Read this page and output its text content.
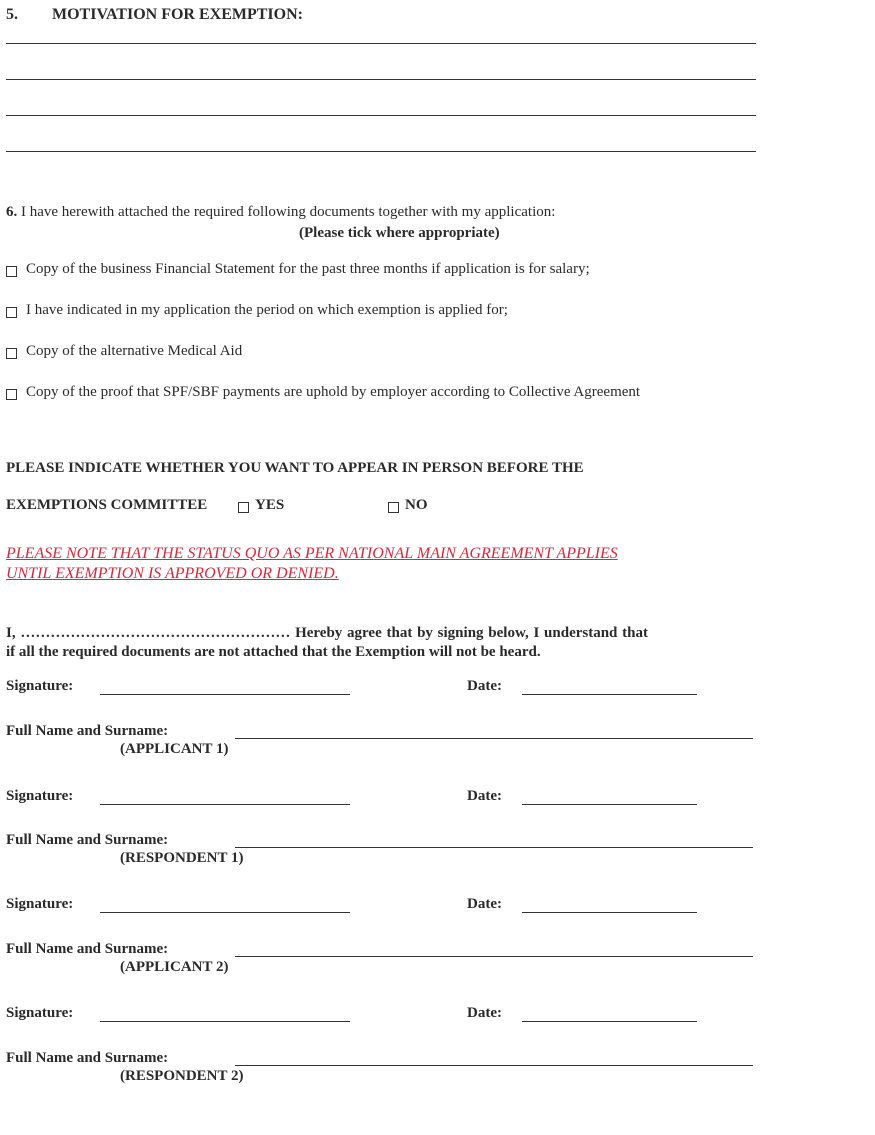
5. MOTIVATION FOR EXEMPTION:
6. I have herewith attached the required following documents together with my application:
(Please tick where appropriate)
Copy of the business Financial Statement for the past three months if application is for salary;
I have indicated in my application the period on which exemption is applied for;
Copy of the alternative Medical Aid
Copy of the proof that SPF/SBF payments are uphold by employer according to Collective Agreement
PLEASE INDICATE WHETHER YOU WANT TO APPEAR IN PERSON BEFORE THE
EXEMPTIONS COMMITTEE	YES	NO
PLEASE NOTE THAT THE STATUS QUO AS PER NATIONAL MAIN AGREEMENT APPLIES
UNTIL EXEMPTION IS APPROVED OR DENIED.
I, ……………………………………………… Hereby agree that by signing below, I understand that
if all the required documents are not attached that the Exemption will not be heard.
Signature:	Date:
Full Name and Surname:
(APPLICANT 1)
Signature:	Date:
Full Name and Surname:
(RESPONDENT 1)
Signature:	Date:
Full Name and Surname:
(APPLICANT 2)
Signature:	Date:
Full Name and Surname:
(RESPONDENT 2)
